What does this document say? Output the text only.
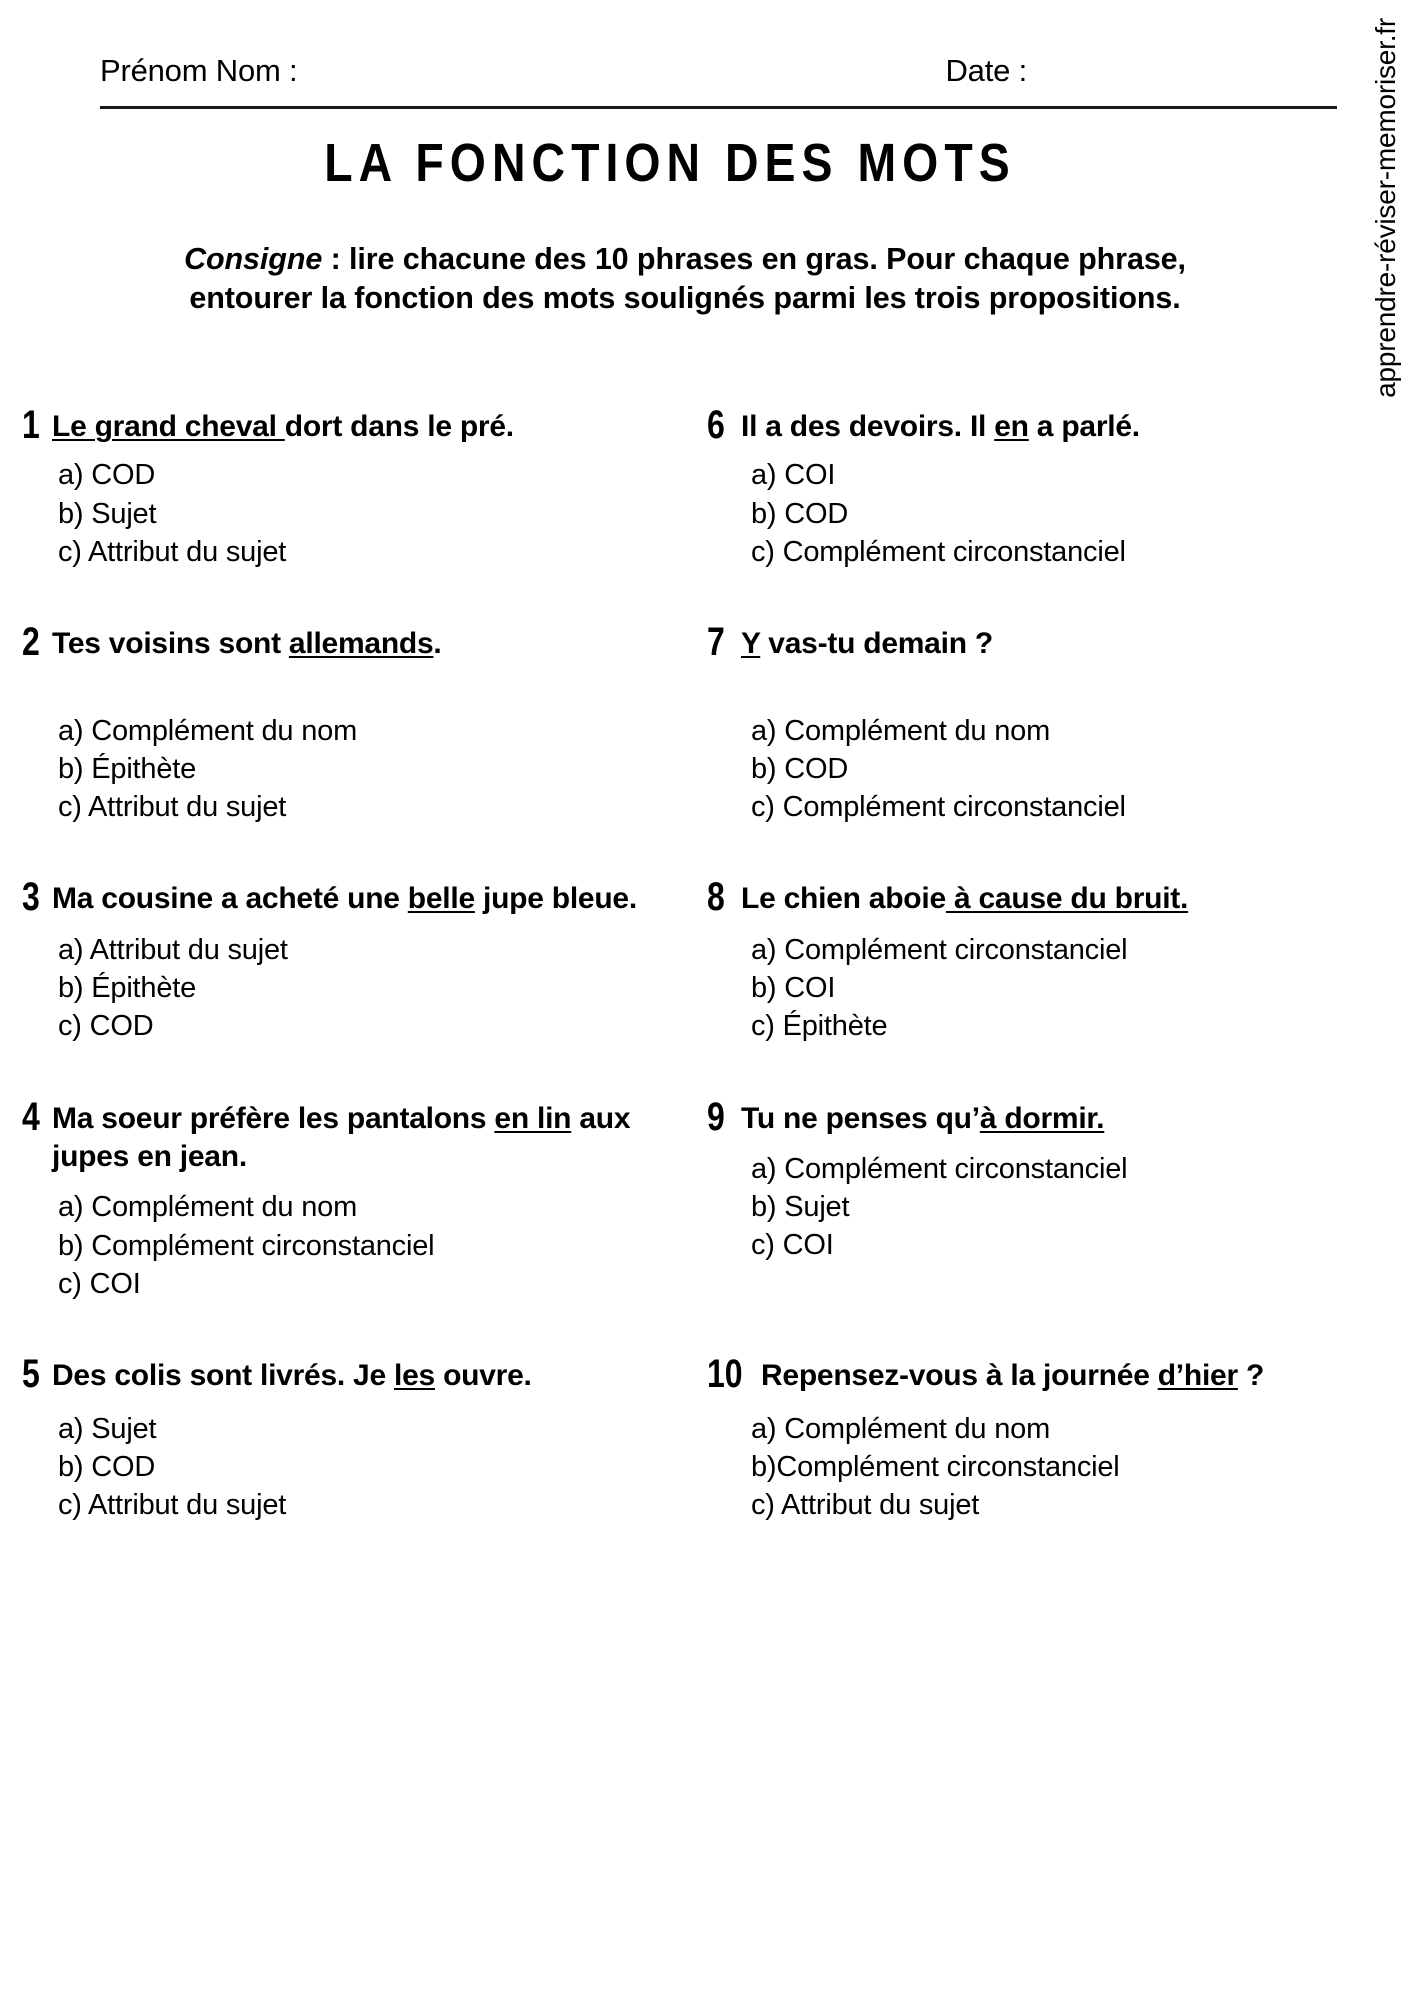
Prénom Nom :	Date :
LA FONCTION DES MOTS
Consigne : lire chacune des 10 phrases en gras. Pour chaque phrase, entourer la fonction des mots soulignés parmi les trois propositions.
1 Le grand cheval dort dans le pré.
a) COD
b) Sujet
c) Attribut du sujet
6 Il a des devoirs. Il en a parlé.
a) COI
b) COD
c) Complément circonstanciel
2 Tes voisins sont allemands.
a) Complément du nom
b) Épithète
c) Attribut du sujet
7 Y vas-tu demain ?
a) Complément du nom
b) COD
c) Complément circonstanciel
3 Ma cousine a acheté une belle jupe bleue.
a) Attribut du sujet
b) Épithète
c) COD
8 Le chien aboie à cause du bruit.
a) Complément circonstanciel
b) COI
c) Épithète
4 Ma soeur préfère les pantalons en lin aux jupes en jean.
a) Complément du nom
b) Complément circonstanciel
c) COI
9 Tu ne penses qu’à dormir.
a) Complément circonstanciel
b) Sujet
c) COI
5 Des colis sont livrés. Je les ouvre.
a) Sujet
b) COD
c) Attribut du sujet
10 Repensez-vous à la journée d’hier ?
a) Complément du nom
b)Complément circonstanciel
c) Attribut du sujet
apprendre-réviser-memoriser.fr
